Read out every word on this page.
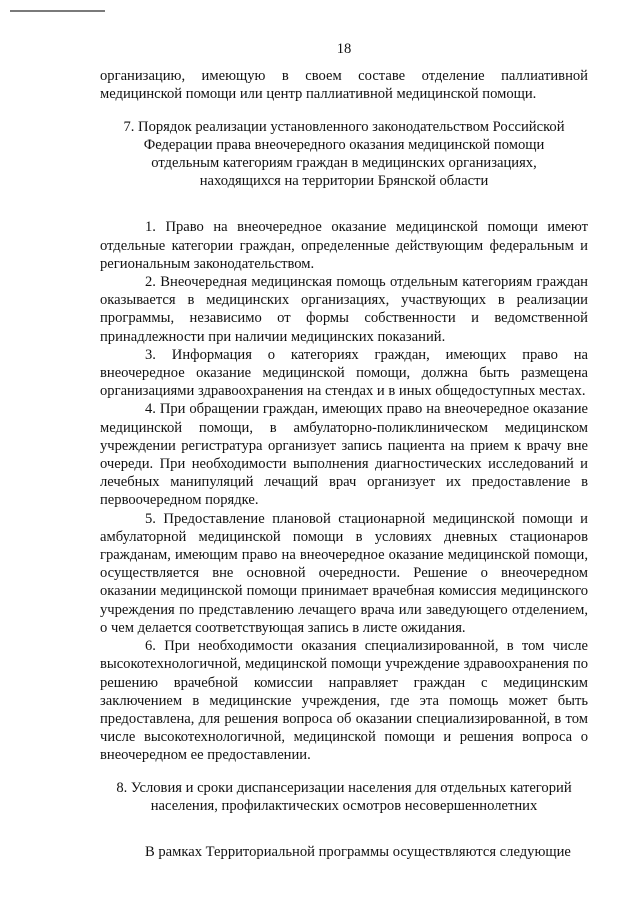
18

организацию, имеющую в своем составе отделение паллиативной медицинской помощи или центр паллиативной медицинской помощи.

7. Порядок реализации установленного законодательством Российской
Федерации права внеочередного оказания медицинской помощи
отдельным категориям граждан в медицинских организациях,
находящихся на территории Брянской области

1. Право на внеочередное оказание медицинской помощи имеют отдельные категории граждан, определенные действующим федеральным и региональным законодательством.

2. Внеочередная медицинская помощь отдельным категориям граждан оказывается в медицинских организациях, участвующих в реализации программы, независимо от формы собственности и ведомственной принадлежности при наличии медицинских показаний.

3. Информация о категориях граждан, имеющих право на внеочередное оказание медицинской помощи, должна быть размещена организациями здравоохранения на стендах и в иных общедоступных местах.

4. При обращении граждан, имеющих право на внеочередное оказание медицинской помощи, в амбулаторно-поликлиническом медицинском учреждении регистратура организует запись пациента на прием к врачу вне очереди. При необходимости выполнения диагностических исследований и лечебных манипуляций лечащий врач организует их предоставление в первоочередном порядке.

5. Предоставление плановой стационарной медицинской помощи и амбулаторной медицинской помощи в условиях дневных стационаров гражданам, имеющим право на внеочередное оказание медицинской помощи, осуществляется вне основной очередности. Решение о внеочередном оказании медицинской помощи принимает врачебная комиссия медицинского учреждения по представлению лечащего врача или заведующего отделением, о чем делается соответствующая запись в листе ожидания.

6. При необходимости оказания специализированной, в том числе высокотехнологичной, медицинской помощи учреждение здравоохранения по решению врачебной комиссии направляет граждан с медицинским заключением в медицинские учреждения, где эта помощь может быть предоставлена, для решения вопроса об оказании специализированной, в том числе высокотехнологичной, медицинской помощи и решения вопроса о внеочередном ее предоставлении.

8. Условия и сроки диспансеризации населения для отдельных категорий
населения, профилактических осмотров несовершеннолетних

В рамках Территориальной программы осуществляются следующие
